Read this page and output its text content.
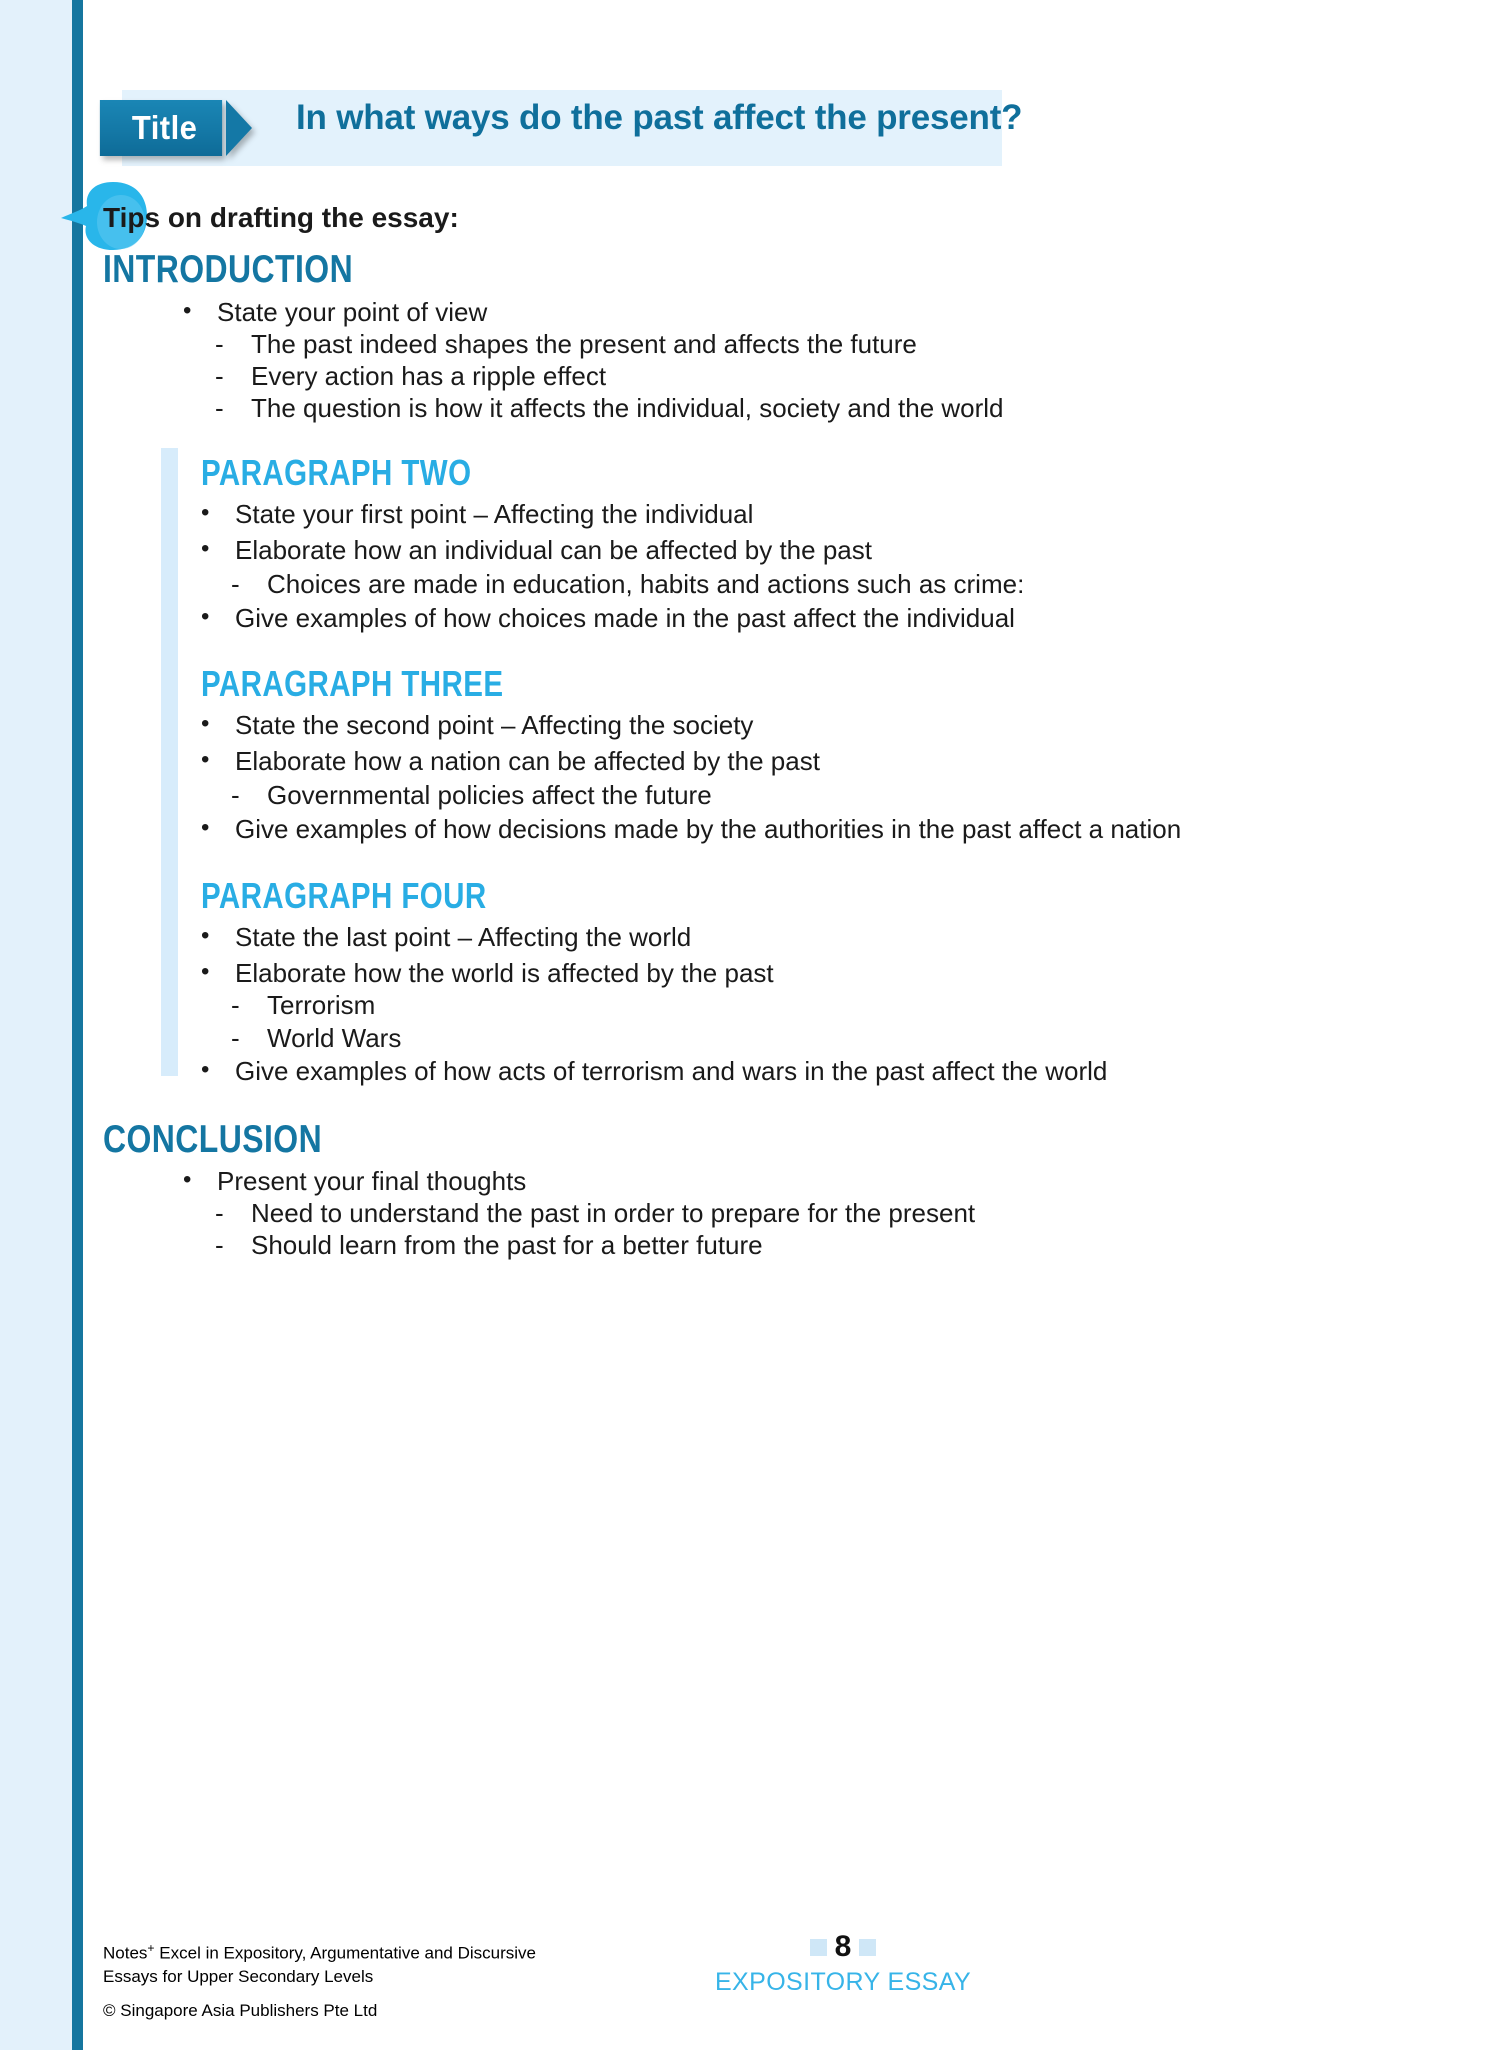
Title	In what ways do the past affect the present?
Tips on drafting the essay:
INTRODUCTION
• State your point of view
-	The past indeed shapes the present and affects the future
-	Every action has a ripple effect
-	The question is how it affects the individual, society and the world
PARAGRAPH TWO
• State your first point – Affecting the individual
• Elaborate how an individual can be affected by the past
-	Choices are made in education, habits and actions such as crime:
• Give examples of how choices made in the past affect the individual
PARAGRAPH THREE
• State the second point – Affecting the society
• Elaborate how a nation can be affected by the past
-	Governmental policies affect the future
• Give examples of how decisions made by the authorities in the past affect a nation
PARAGRAPH FOUR
• State the last point – Affecting the world
• Elaborate how the world is affected by the past
-	Terrorism
-	World Wars
• Give examples of how acts of terrorism and wars in the past affect the world
CONCLUSION
• Present your final thoughts
-	Need to understand the past in order to prepare for the present
-	Should learn from the past for a better future
Notes+ Excel in Expository, Argumentative and Discursive
Essays for Upper Secondary Levels
© Singapore Asia Publishers Pte Ltd
8
EXPOSITORY ESSAY
